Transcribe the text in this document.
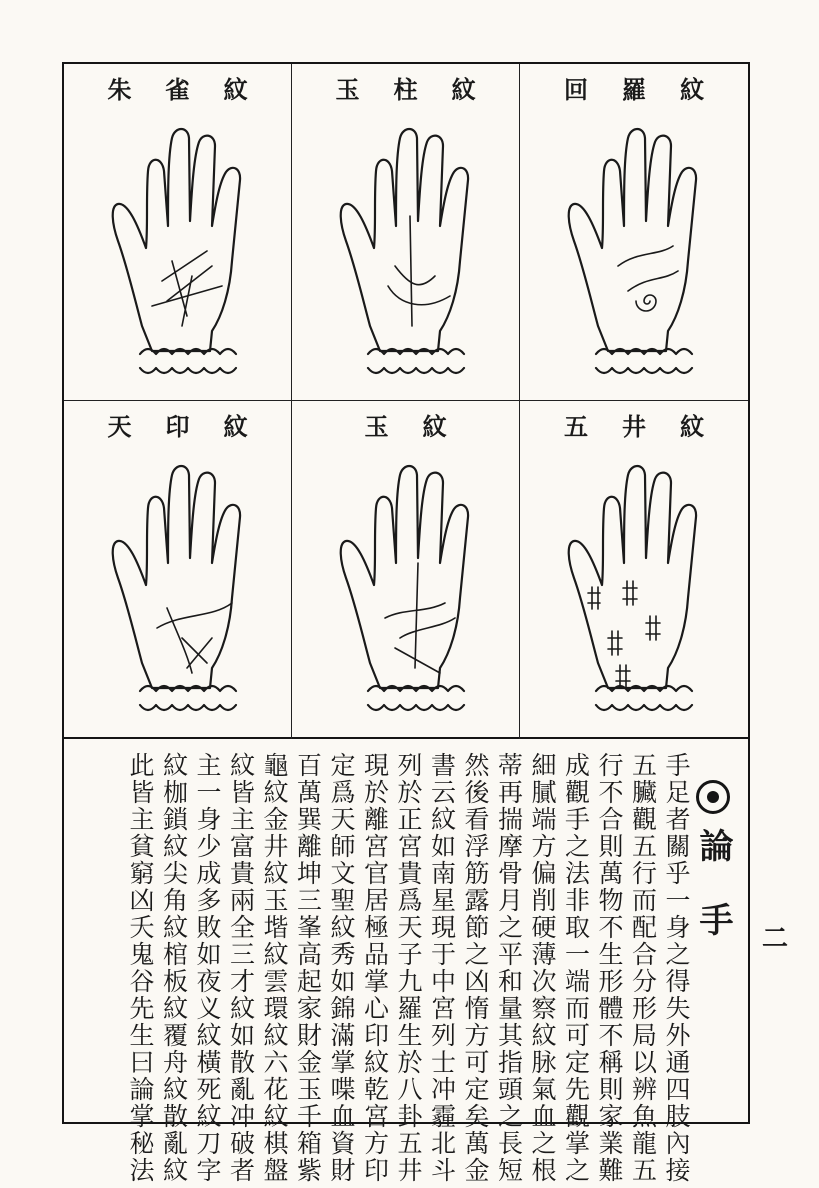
朱雀紋	玉柱紋	回羅紋
天印紋	玉紋	五井紋
論手
手足者關乎一身之得失外通四肢內接
五臟觀五行而配合分形局以辨魚龍五
行不合則萬物不生形體不稱則家業難
成觀手之法非取一端而可定先觀掌之
細膩端方偏削硬薄次察紋脉氣血之根
蒂再揣摩骨月之平和量其指頭之長短
然後看浮筋露節之凶惰方可定矣萬金
書云紋如南星現于中宮列士冲霾北斗
列於正宮貴爲天子九羅生於八卦五井
現於離宮官居極品掌心印紋乾宮方印
定爲天師文聖紋秀如錦滿掌喋血資財
百萬巽離坤三峯高起家財金玉千箱紫
龜紋金井紋玉堦紋雲環紋六花紋棋盤
紋皆主富貴兩全三才紋如散亂冲破者
主一身少成多敗如夜义紋橫死紋刀字
紋枷鎖紋尖角紋棺板紋覆舟紋散亂紋
此皆主貧窮凶夭鬼谷先生曰論掌秘法	二
